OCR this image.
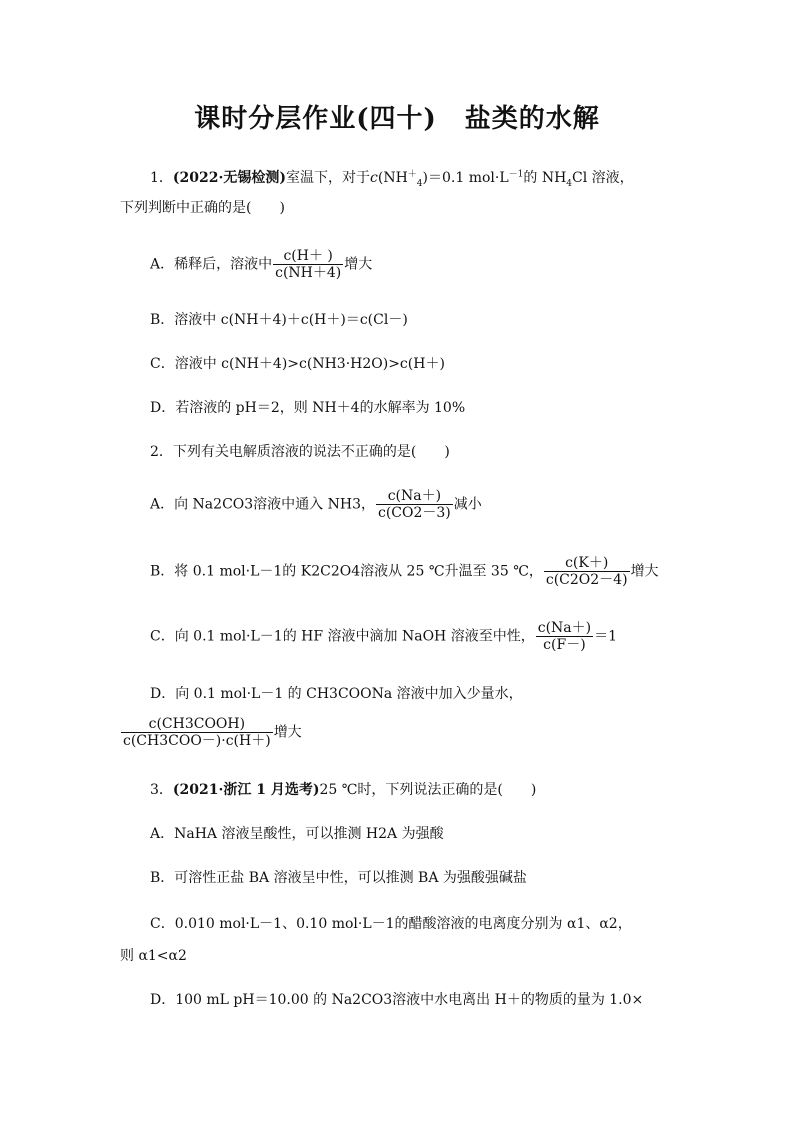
课时分层作业(四十) 盐类的水解
1．(2022·无锡检测)室温下，对于$c(NH^+_4)=0.1$ $mol\cdot L^{-1}$的 $NH_4Cl$ 溶液，
下列判断中正确的是(　　)
A．稀释后，溶液中 $\frac{c(H+ )}{c(NH+4)}$ 增大
B．溶液中 c(NH＋4)＋c(H＋)＝c(Cl－)
C．溶液中 c(NH＋4)>c(NH3·H2O)>c(H＋)
D．若溶液的 pH＝2，则 NH＋4的水解率为 10%
2．下列有关电解质溶液的说法不正确的是(　　)
A．向 Na2CO3溶液中通入 NH3， $\frac{c(Na+)}{c(CO2-3)}$ 减小
B．将 0.1 mol·L－1的 K2C2O4溶液从 25 ℃升温至 35 ℃， $\frac{c(K+)}{c(C2O2-4)}$ 增大
C．向 0.1 mol·L－1的 HF 溶液中滴加 NaOH 溶液至中性， $\frac{c(Na+)}{c(F-)} =1$
D．向 0.1 mol·L－1 的 CH3COONa 溶液中加入少量水，
$\frac{\text{c(CH3COOH)}}{\text{c(CH3COO－)·c(H＋)}}$ 增大
3．(2021·浙江 1 月选考)25 ℃时，下列说法正确的是(　　)
A．NaHA 溶液呈酸性，可以推测 H2A 为强酸
B．可溶性正盐 BA 溶液呈中性，可以推测 BA 为强酸强碱盐
C．0.010 mol·L－1、0.10 mol·L－1的醋酸溶液的电离度分别为 α1、α2，
则 α1<α2
D．100 mL pH＝10.00 的 Na2CO3溶液中水电离出 H＋的物质的量为 1.0×
